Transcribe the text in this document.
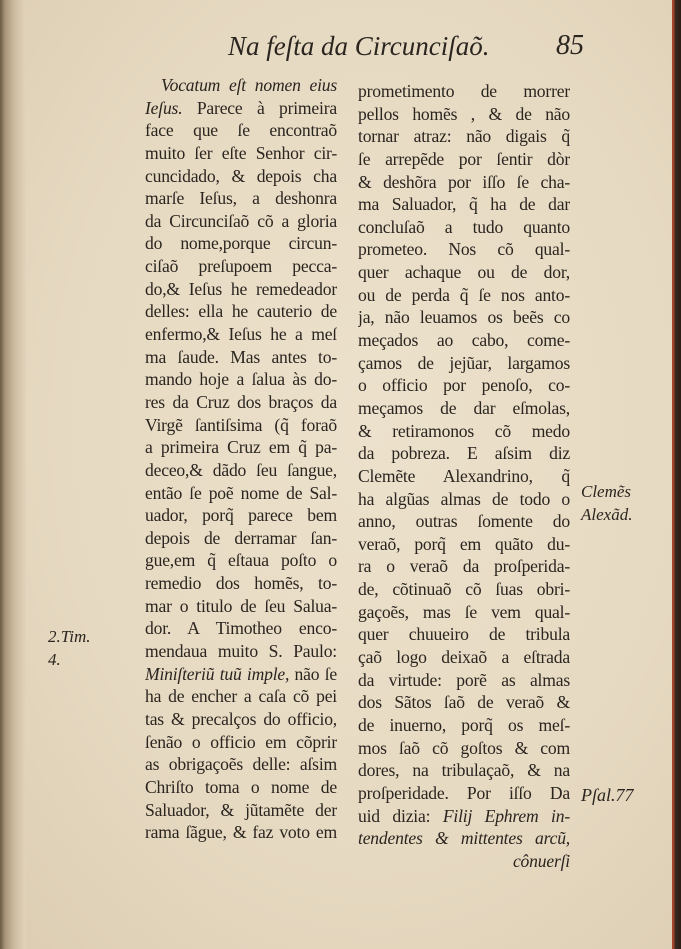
Na feſta da Circunciſaõ. 85
Vocatum eſt nomen eius
Ieſus. Parece à primeira
face que ſe encontraõ
muito ſer eſte Senhor cir-
cuncidado, & depois cha
marſe Ieſus, a deshonra
da Circunciſaõ cõ a gloria
do nome,porque circun-
ciſaõ preſupoem pecca-
do,& Ieſus he remedeador
delles: ella he cauterio de
enfermo,& Ieſus he a meſ
ma ſaude. Mas antes to-
mando hoje a ſalua às do-
res da Cruz dos braços da
Virgẽ ſantiſsima (q̃ foraõ
a primeira Cruz em q̃ pa-
deceo,& dãdo ſeu ſangue,
então ſe poẽ nome de Sal-
uador, porq̃ parece bem
depois de derramar ſan-
gue,em q̃ eſtaua poſto o
remedio dos homẽs, to-
mar o titulo de ſeu Salua-
dor. A Timotheo enco-
mendaua muito S. Paulo:
Miniſteriũ tuũ imple, não ſe
ha de encher a caſa cõ pei
tas & precalços do officio,
ſenão o officio em cõprir
as obrigaçoẽs delle: aſsim
Chriſto toma o nome de
Saluador, & jũtamẽte der
rama ſãgue, & faz voto em
prometimento de morrer
pellos homẽs , & de não
tornar atraz: não digais q̃
ſe arrepẽde por ſentir dòr
& deshõra por iſſo ſe cha-
ma Saluador, q̃ ha de dar
concluſaõ a tudo quanto
prometeo. Nos cõ qual-
quer achaque ou de dor,
ou de perda q̃ ſe nos anto-
ja, não leuamos os beẽs co
meçados ao cabo, come-
çamos de jejũar, largamos
o officio por penoſo, co-
meçamos de dar eſmolas,
& retiramonos cõ medo
da pobreza. E aſsim diz
Clemẽte Alexandrino, q̃
ha algũas almas de todo o
anno, outras ſomente do
veraõ, porq̃ em quãto du-
ra o veraõ da proſperida-
de, cõtinuaõ cõ ſuas obri-
gaçoẽs, mas ſe vem qual-
quer chuueiro de tribula
çaõ logo deixaõ a eſtrada
da virtude: porẽ as almas
dos Sãtos ſaõ de veraõ &
de inuerno, porq̃ os meſ-
mos ſaõ cõ goſtos & com
dores, na tribulaçaõ, & na
proſperidade. Por iſſo Da
uid dizia: Filij Ephrem in-
tendentes & mittentes arcũ,
cônuerſi
2.Tim.
4.
Clemẽs
Alexãd.
Pſal.77
